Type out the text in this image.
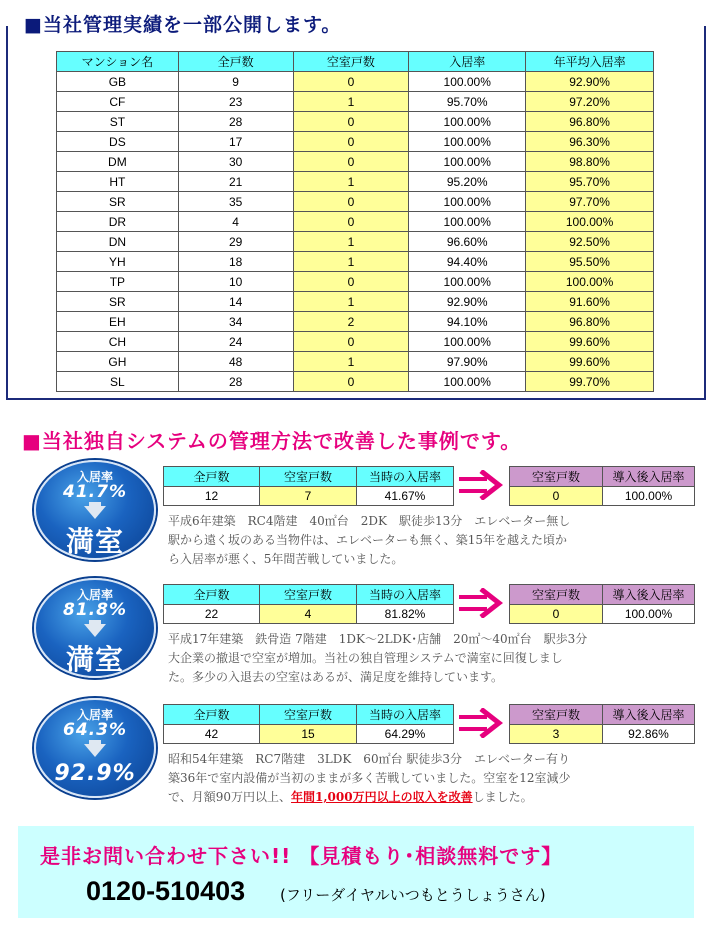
■当社管理実績を一部公開します。
マンション名	全戸数	空室戸数	入居率	年平均入居率
GB	9	0	100.00%	92.90%
CF	23	1	95.70%	97.20%
ST	28	0	100.00%	96.80%
DS	17	0	100.00%	96.30%
DM	30	0	100.00%	98.80%
HT	21	1	95.20%	95.70%
SR	35	0	100.00%	97.70%
DR	4	0	100.00%	100.00%
DN	29	1	96.60%	92.50%
YH	18	1	94.40%	95.50%
TP	10	0	100.00%	100.00%
SR	14	1	92.90%	91.60%
EH	34	2	94.10%	96.80%
CH	24	0	100.00%	99.60%
GH	48	1	97.90%	99.60%
SL	28	0	100.00%	99.70%
■当社独自システムの管理方法で改善した事例です。
入居率
41.7%
満室
全戸数	空室戸数	当時の入居率
12	7	41.67%
空室戸数	導入後入居率
0	100.00%
平成6年建築　RC4階建　40㎡台　2DK　駅徒歩13分　エレベーター無し
駅から遠く坂のある当物件は、エレベーターも無く、築15年を越えた頃か
ら入居率が悪く、5年間苦戦していました。
入居率
81.8%
満室
全戸数	空室戸数	当時の入居率
22	4	81.82%
空室戸数	導入後入居率
0	100.00%
平成17年建築　鉄骨造 7階建　1DK～2LDK･店舗　20㎡～40㎡台　駅歩3分
大企業の撤退で空室が増加。当社の独自管理システムで満室に回復しまし
た。多少の入退去の空室はあるが、満足度を維持しています。
入居率
64.3%
92.9%
全戸数	空室戸数	当時の入居率
42	15	64.29%
空室戸数	導入後入居率
3	92.86%
昭和54年建築　RC7階建　3LDK　60㎡台 駅徒歩3分　エレベーター有り
築36年で室内設備が当初のままが多く苦戦していました。空室を12室減少
で、月額90万円以上、年間1,000万円以上の収入を改善しました。
是非お問い合わせ下さい!! 【見積もり･相談無料です】
0120-510403 (フリーダイヤルいつもとうしょうさん)
